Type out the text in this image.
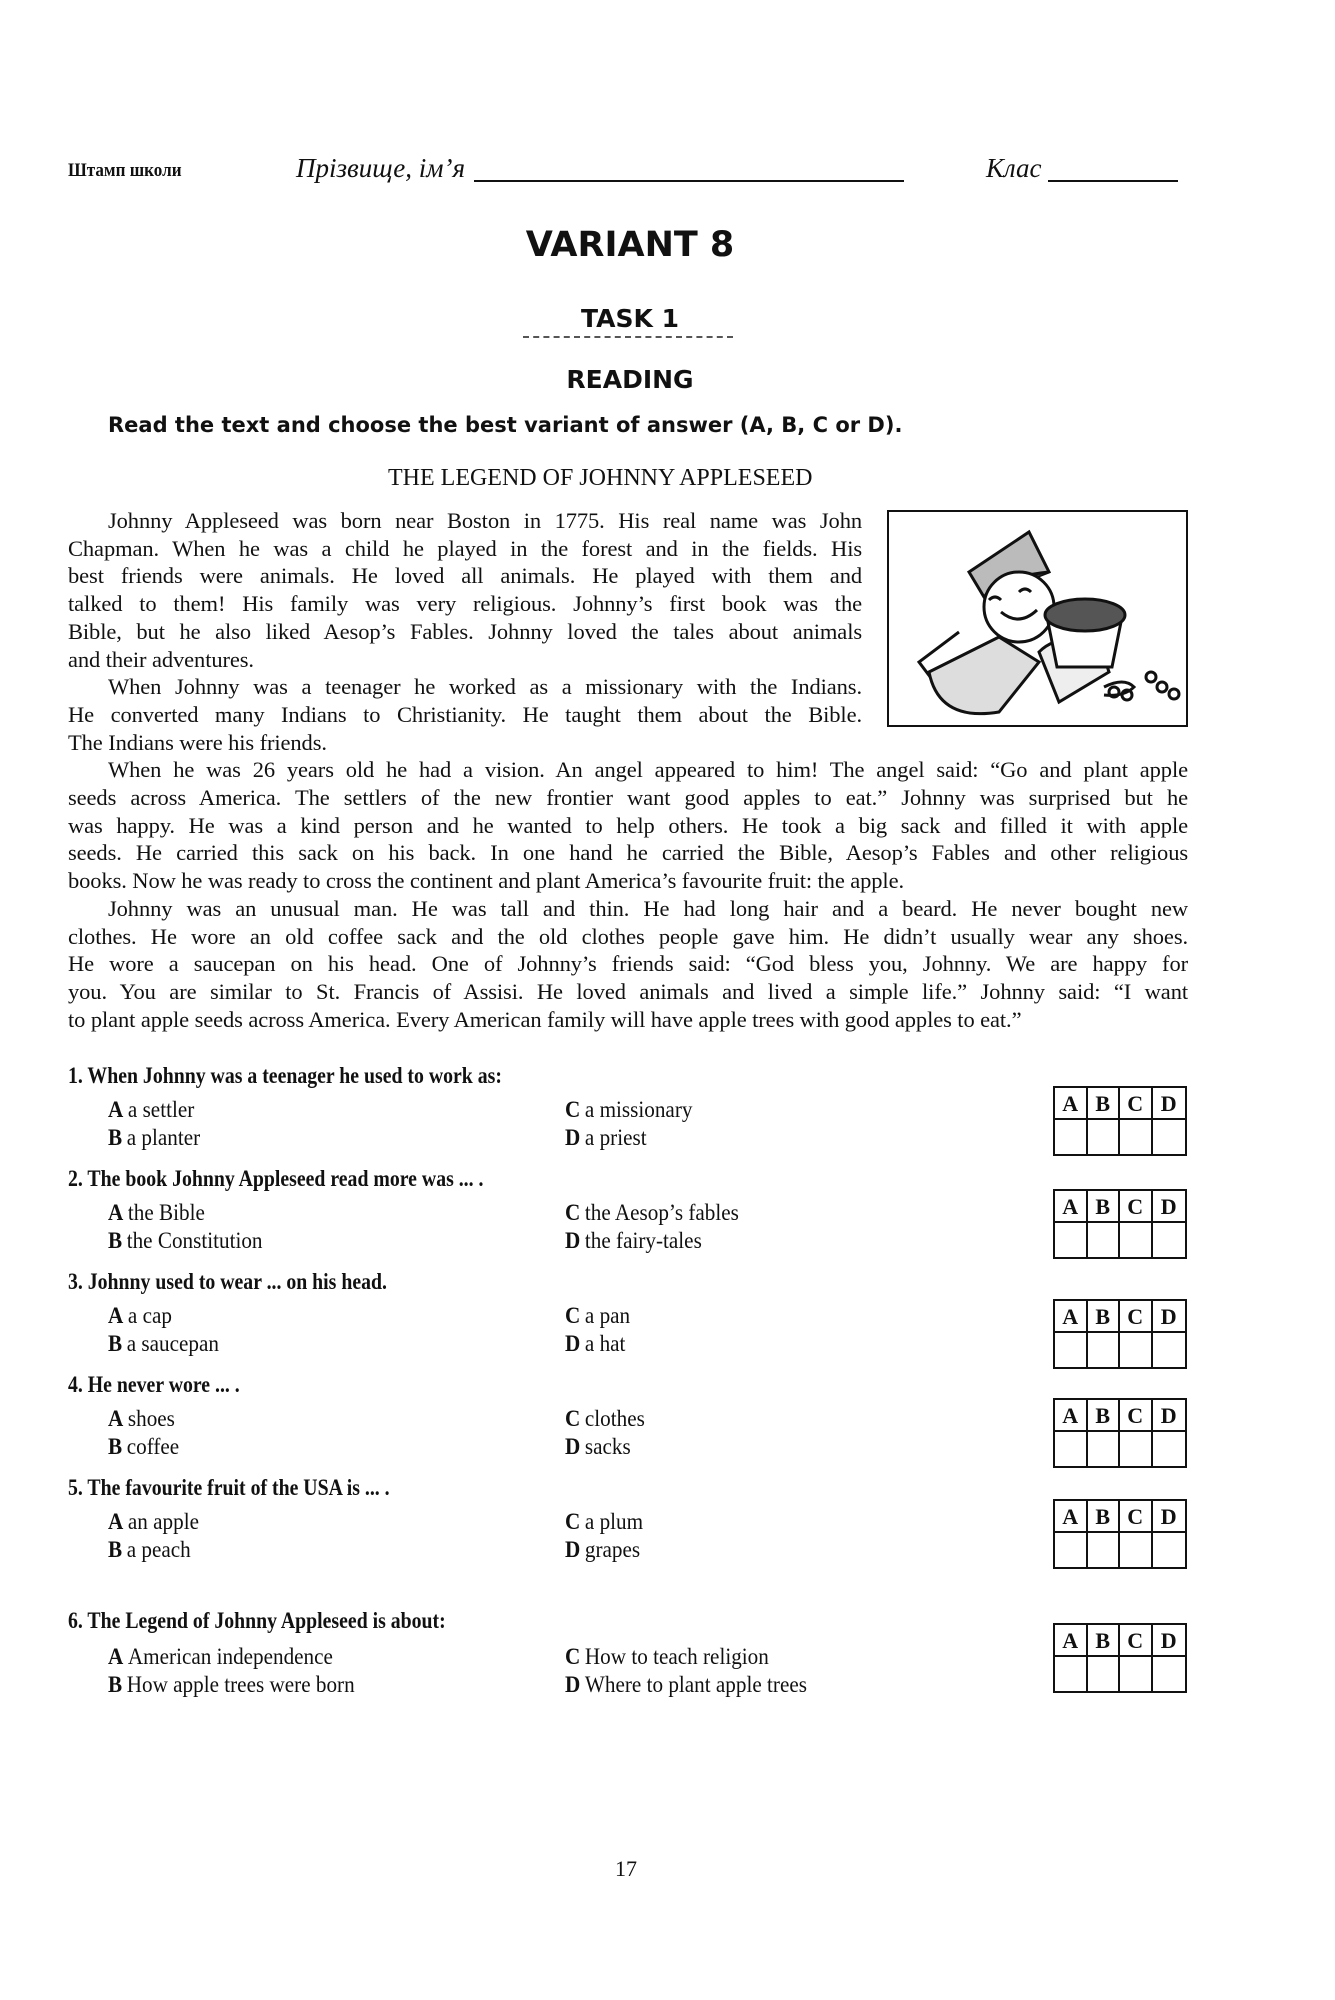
Штамп школи	Прізвище, ім’я	Клас
VARIANT 8
TASK 1
READING
Read the text and choose the best variant of answer (A, B, C or D).
THE LEGEND OF JOHNNY APPLESEED
Johnny Appleseed was born near Boston in 1775. His real name was John
Chapman. When he was a child he played in the forest and in the fields. His
best friends were animals. He loved all animals. He played with them and
talked to them! His family was very religious. Johnny’s first book was the
Bible, but he also liked Aesop’s Fables. Johnny loved the tales about animals
and their adventures.
When Johnny was a teenager he worked as a missionary with the Indians.
He converted many Indians to Christianity. He taught them about the Bible.
The Indians were his friends.
When he was 26 years old he had a vision. An angel appeared to him! The angel said: “Go and plant apple
seeds across America. The settlers of the new frontier want good apples to eat.” Johnny was surprised but he
was happy. He was a kind person and he wanted to help others. He took a big sack and filled it with apple
seeds. He carried this sack on his back. In one hand he carried the Bible, Aesop’s Fables and other religious
books. Now he was ready to cross the continent and plant America’s favourite fruit: the apple.
Johnny was an unusual man. He was tall and thin. He had long hair and a beard. He never bought new
clothes. He wore an old coffee sack and the old clothes people gave him. He didn’t usually wear any shoes.
He wore a saucepan on his head. One of Johnny’s friends said: “God bless you, Johnny. We are happy for
you. You are similar to St. Francis of Assisi. He loved animals and lived a simple life.” Johnny said: “I want
to plant apple seeds across America. Every American family will have apple trees with good apples to eat.”
1. When Johnny was a teenager he used to work as:
A a settler
B a planter
C a missionary
D a priest
A B C D
2. The book Johnny Appleseed read more was ... .
A the Bible
B the Constitution
C the Aesop’s fables
D the fairy-tales
A B C D
3. Johnny used to wear ... on his head.
A a cap
B a saucepan
C a pan
D a hat
A B C D
4. He never wore ... .
A shoes
B coffee
C clothes
D sacks
A B C D
5. The favourite fruit of the USA is ... .
A an apple
B a peach
C a plum
D grapes
A B C D
6. The Legend of Johnny Appleseed is about:
A American independence
B How apple trees were born
C How to teach religion
D Where to plant apple trees
A B C D
17
